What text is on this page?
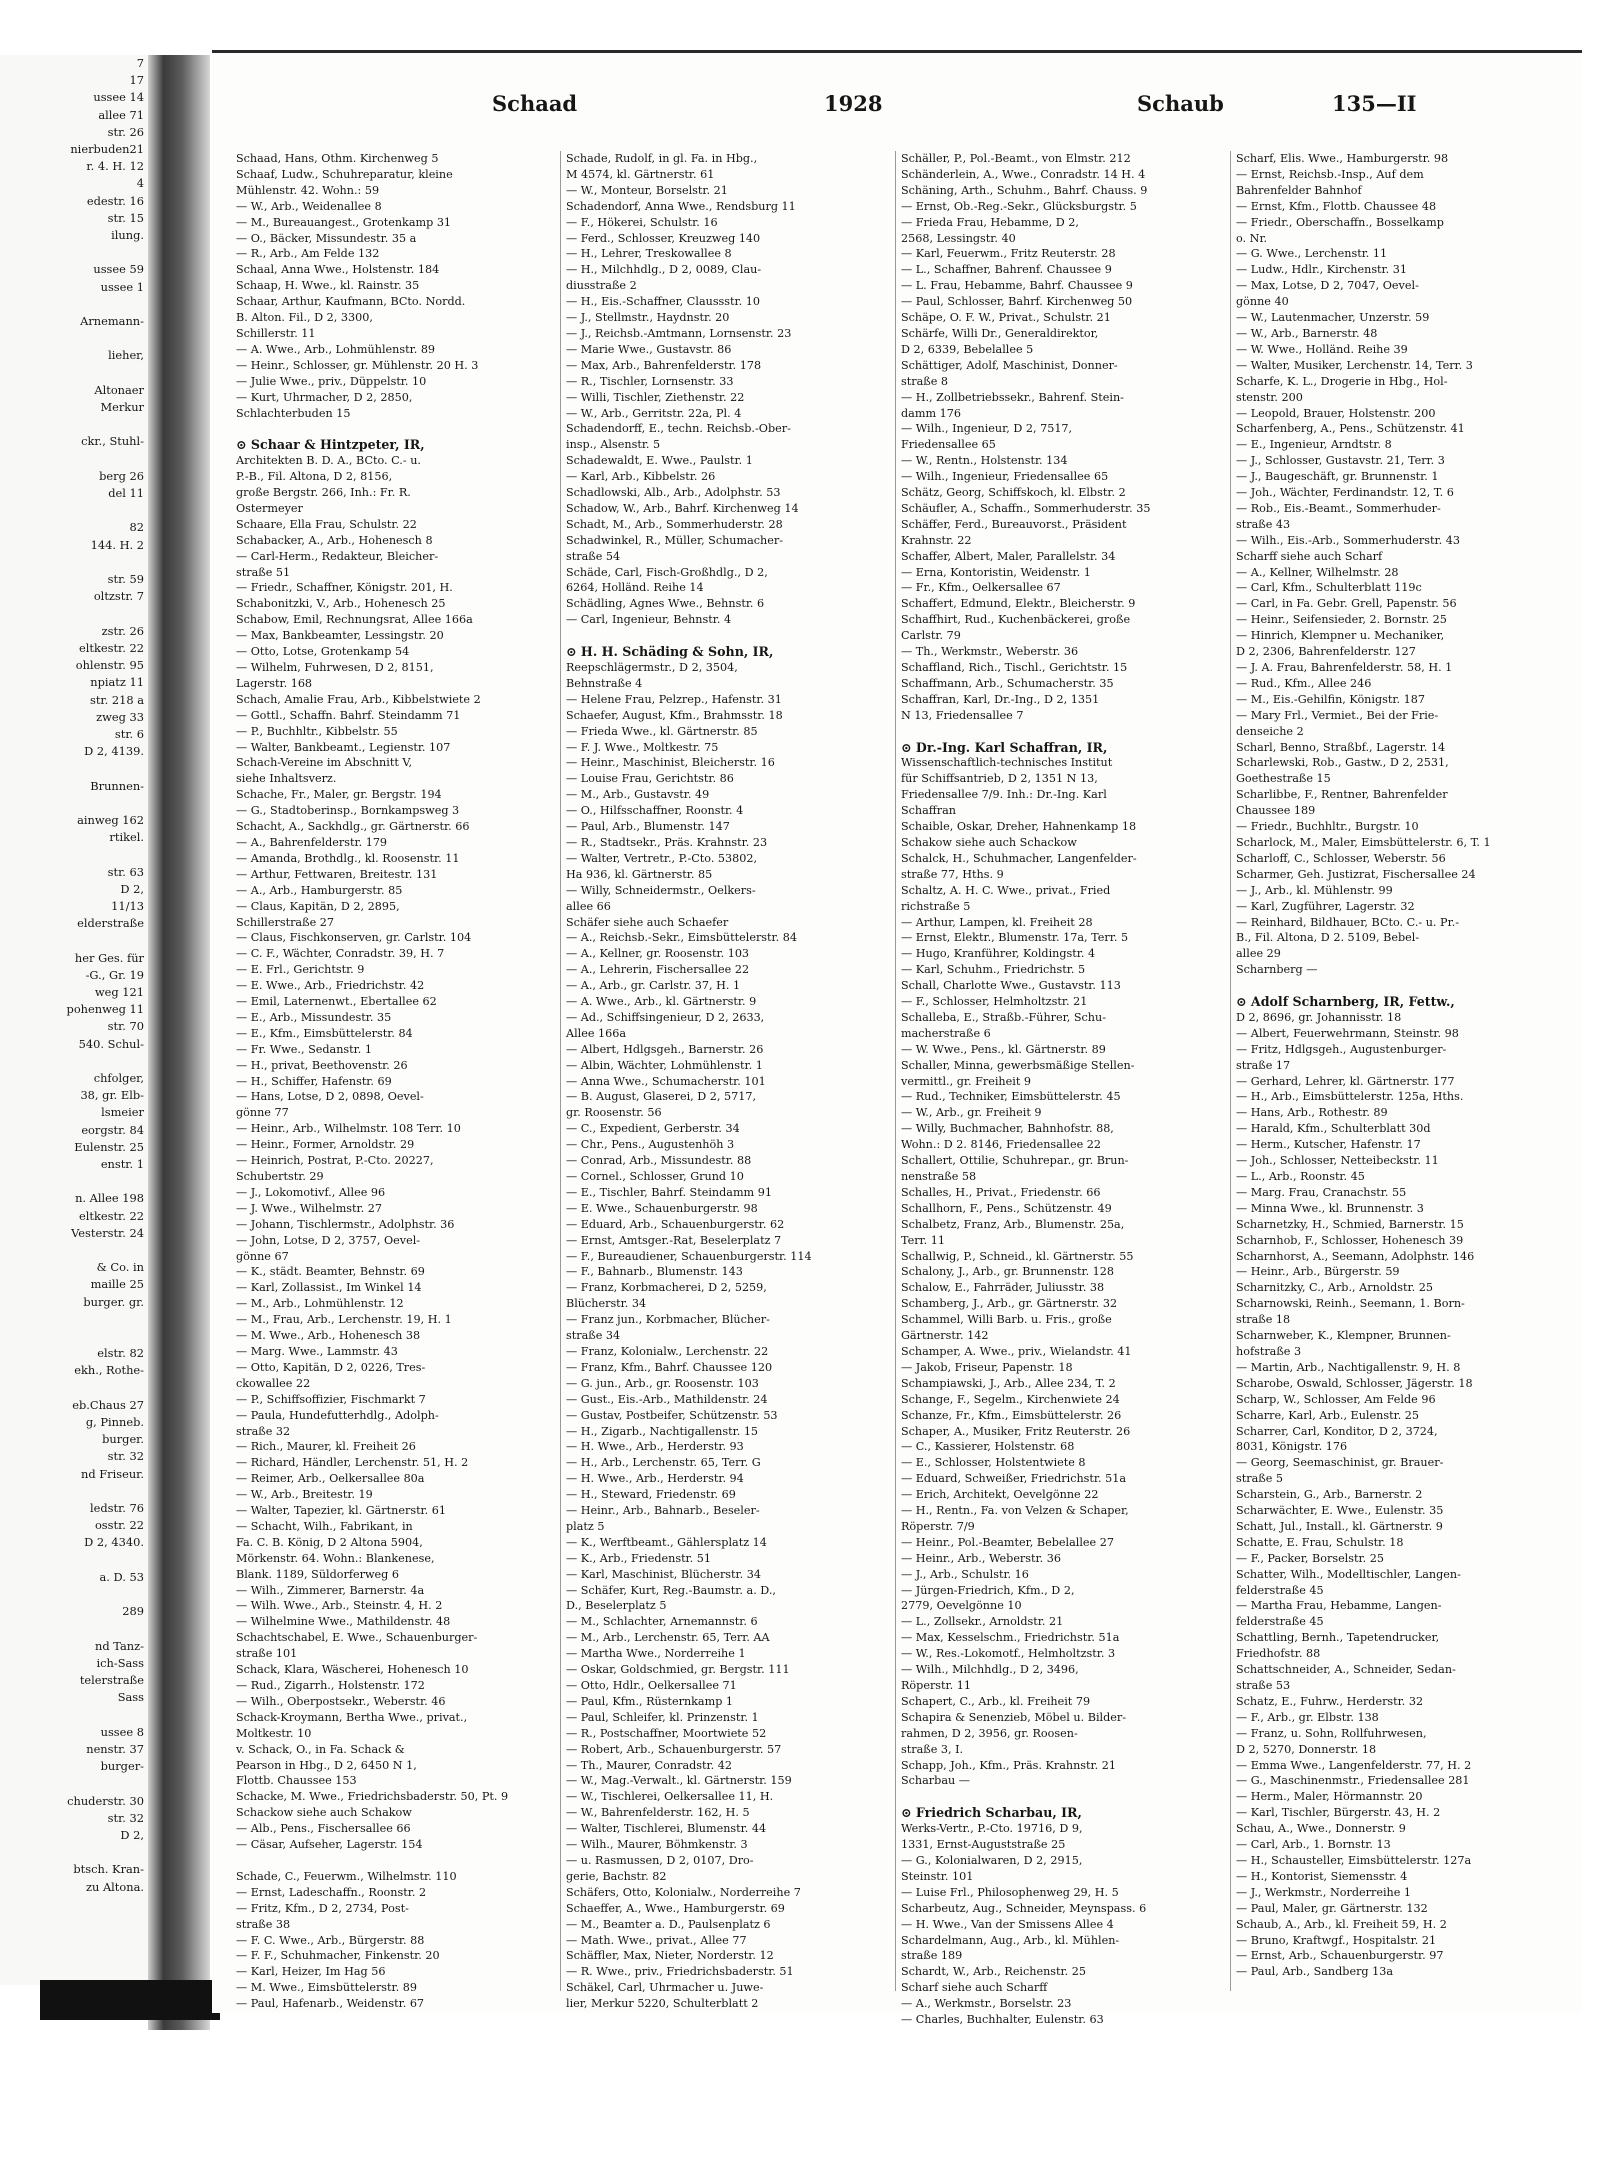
7
17
ussee 14
allee 71
str. 26
nierbuden21
r. 4. H. 12
4
edestr. 16
str. 15
ilung.

ussee 59
ussee 1

Arnemann-

lieher,

Altonaer
Merkur

ckr., Stuhl-

berg 26
del 11

82
144. H. 2

str. 59
oltzstr. 7

zstr. 26
eltkestr. 22
ohlenstr. 95
npiatz 11
str. 218 a
zweg 33
str. 6
D 2, 4139.

Brunnen-

ainweg 162
rtikel.

str. 63
D 2,
11/13
elderstraße

her Ges. für
-G., Gr. 19
weg 121
pohenweg 11
str. 70
540. Schul-

chfolger,
38, gr. Elb-
lsmeier
eorgstr. 84
Eulenstr. 25
enstr. 1

n. Allee 198
eltkestr. 22
Vesterstr. 24

& Co. in
maille 25
burger. gr.

elstr. 82
ekh., Rothe-

eb.Chaus 27
g, Pinneb.
burger.
str. 32
nd Friseur.

ledstr. 76
osstr. 22
D 2, 4340.

a. D. 53

289

nd Tanz-
ich-Sass
telerstraße
Sass

ussee 8
nenstr. 37
burger-

chuderstr. 30
str. 32
D 2,

btsch. Kran-
zu Altona.
Schaad	1928	Schaub	135—II
Schaad, Hans, Othm. Kirchenweg 5
Schaaf, Ludw., Schuhreparatur, kleine
Mühlenstr. 42. Wohn.: 59
— W., Arb., Weidenallee 8
— M., Bureauangest., Grotenkamp 31
— O., Bäcker, Missundestr. 35 a
— R., Arb., Am Felde 132
Schaal, Anna Wwe., Holstenstr. 184
Schaap, H. Wwe., kl. Rainstr. 35
Schaar, Arthur, Kaufmann, BCto. Nordd.
B. Alton. Fil., D 2, 3300,
Schillerstr. 11
— A. Wwe., Arb., Lohmühlenstr. 89
— Heinr., Schlosser, gr. Mühlenstr. 20 H. 3
— Julie Wwe., priv., Düppelstr. 10
— Kurt, Uhrmacher, D 2, 2850,
Schlachterbuden 15

⊙ Schaar & Hintzpeter, IR,
Architekten B. D. A., BCto. C.- u.
P.-B., Fil. Altona, D 2, 8156,
große Bergstr. 266, Inh.: Fr. R.
Ostermeyer
Schaare, Ella Frau, Schulstr. 22
Schabacker, A., Arb., Hohenesch 8
— Carl-Herm., Redakteur, Bleicher-
straße 51
— Friedr., Schaffner, Königstr. 201, H.
Schabonitzki, V., Arb., Hohenesch 25
Schabow, Emil, Rechnungsrat, Allee 166a
— Max, Bankbeamter, Lessingstr. 20
— Otto, Lotse, Grotenkamp 54
— Wilhelm, Fuhrwesen, D 2, 8151,
Lagerstr. 168
Schach, Amalie Frau, Arb., Kibbelstwiete 2
— Gottl., Schaffn. Bahrf. Steindamm 71
— P., Buchhltr., Kibbelstr. 55
— Walter, Bankbeamt., Legienstr. 107
Schach-Vereine im Abschnitt V,
siehe Inhaltsverz.
Schache, Fr., Maler, gr. Bergstr. 194
— G., Stadtoberinsp., Bornkampsweg 3
Schacht, A., Sackhdlg., gr. Gärtnerstr. 66
— A., Bahrenfelderstr. 179
— Amanda, Brothdlg., kl. Roosenstr. 11
— Arthur, Fettwaren, Breitestr. 131
— A., Arb., Hamburgerstr. 85
— Claus, Kapitän, D 2, 2895,
Schillerstraße 27
— Claus, Fischkonserven, gr. Carlstr. 104
— C. F., Wächter, Conradstr. 39, H. 7
— E. Frl., Gerichtstr. 9
— E. Wwe., Arb., Friedrichstr. 42
— Emil, Laternenwt., Ebertallee 62
— E., Arb., Missundestr. 35
— E., Kfm., Eimsbüttelerstr. 84
— Fr. Wwe., Sedanstr. 1
— H., privat, Beethovenstr. 26
— H., Schiffer, Hafenstr. 69
— Hans, Lotse, D 2, 0898, Oevel-
gönne 77
— Heinr., Arb., Wilhelmstr. 108 Terr. 10
— Heinr., Former, Arnoldstr. 29
— Heinrich, Postrat, P.-Cto. 20227,
Schubertstr. 29
— J., Lokomotivf., Allee 96
— J. Wwe., Wilhelmstr. 27
— Johann, Tischlermstr., Adolphstr. 36
— John, Lotse, D 2, 3757, Oevel-
gönne 67
— K., städt. Beamter, Behnstr. 69
— Karl, Zollassist., Im Winkel 14
— M., Arb., Lohmühlenstr. 12
— M., Frau, Arb., Lerchenstr. 19, H. 1
— M. Wwe., Arb., Hohenesch 38
— Marg. Wwe., Lammstr. 43
— Otto, Kapitän, D 2, 0226, Tres-
ckowallee 22
— P., Schiffsoffizier, Fischmarkt 7
— Paula, Hundefutterhdlg., Adolph-
straße 32
— Rich., Maurer, kl. Freiheit 26
— Richard, Händler, Lerchenstr. 51, H. 2
— Reimer, Arb., Oelkersallee 80a
— W., Arb., Breitestr. 19
— Walter, Tapezier, kl. Gärtnerstr. 61
— Schacht, Wilh., Fabrikant, in
Fa. C. B. König, D 2 Altona 5904,
Mörkenstr. 64. Wohn.: Blankenese,
Blank. 1189, Süldorferweg 6
— Wilh., Zimmerer, Barnerstr. 4a
— Wilh. Wwe., Arb., Steinstr. 4, H. 2
— Wilhelmine Wwe., Mathildenstr. 48
Schachtschabel, E. Wwe., Schauenburger-
straße 101
Schack, Klara, Wäscherei, Hohenesch 10
— Rud., Zigarrh., Holstenstr. 172
— Wilh., Oberpostsekr., Weberstr. 46
Schack-Kroymann, Bertha Wwe., privat.,
Moltkestr. 10
v. Schack, O., in Fa. Schack &
Pearson in Hbg., D 2, 6450 N 1,
Flottb. Chaussee 153
Schacke, M. Wwe., Friedrichsbaderstr. 50, Pt. 9
Schackow siehe auch Schakow
— Alb., Pens., Fischersallee 66
— Cäsar, Aufseher, Lagerstr. 154

Schade, C., Feuerwm., Wilhelmstr. 110
— Ernst, Ladeschaffn., Roonstr. 2
— Fritz, Kfm., D 2, 2734, Post-
straße 38
— F. C. Wwe., Arb., Bürgerstr. 88
— F. F., Schuhmacher, Finkenstr. 20
— Karl, Heizer, Im Hag 56
— M. Wwe., Eimsbüttelerstr. 89
— Paul, Hafenarb., Weidenstr. 67
Schade, Rudolf, in gl. Fa. in Hbg.,
M 4574, kl. Gärtnerstr. 61
— W., Monteur, Borselstr. 21
Schadendorf, Anna Wwe., Rendsburg 11
— F., Hökerei, Schulstr. 16
— Ferd., Schlosser, Kreuzweg 140
— H., Lehrer, Treskowallee 8
— H., Milchhdlg., D 2, 0089, Clau-
diusstraße 2
— H., Eis.-Schaffner, Claussstr. 10
— J., Stellmstr., Haydnstr. 20
— J., Reichsb.-Amtmann, Lornsenstr. 23
— Marie Wwe., Gustavstr. 86
— Max, Arb., Bahrenfelderstr. 178
— R., Tischler, Lornsenstr. 33
— Willi, Tischler, Ziethenstr. 22
— W., Arb., Gerritstr. 22a, Pl. 4
Schadendorff, E., techn. Reichsb.-Ober-
insp., Alsenstr. 5
Schadewaldt, E. Wwe., Paulstr. 1
— Karl, Arb., Kibbelstr. 26
Schadlowski, Alb., Arb., Adolphstr. 53
Schadow, W., Arb., Bahrf. Kirchenweg 14
Schadt, M., Arb., Sommerhuderstr. 28
Schadwinkel, R., Müller, Schumacher-
straße 54
Schäde, Carl, Fisch-Großhdlg., D 2,
6264, Holländ. Reihe 14
Schädling, Agnes Wwe., Behnstr. 6
— Carl, Ingenieur, Behnstr. 4

⊙ H. H. Schäding & Sohn, IR,
Reepschlägermstr., D 2, 3504,
Behnstraße 4
— Helene Frau, Pelzrep., Hafenstr. 31
Schaefer, August, Kfm., Brahmsstr. 18
— Frieda Wwe., kl. Gärtnerstr. 85
— F. J. Wwe., Moltkestr. 75
— Heinr., Maschinist, Bleicherstr. 16
— Louise Frau, Gerichtstr. 86
— M., Arb., Gustavstr. 49
— O., Hilfsschaffner, Roonstr. 4
— Paul, Arb., Blumenstr. 147
— R., Stadtsekr., Präs. Krahnstr. 23
— Walter, Vertretr., P.-Cto. 53802,
Ha 936, kl. Gärtnerstr. 85
— Willy, Schneidermstr., Oelkers-
allee 66
Schäfer siehe auch Schaefer
— A., Reichsb.-Sekr., Eimsbüttelerstr. 84
— A., Kellner, gr. Roosenstr. 103
— A., Lehrerin, Fischersallee 22
— A., Arb., gr. Carlstr. 37, H. 1
— A. Wwe., Arb., kl. Gärtnerstr. 9
— Ad., Schiffsingenieur, D 2, 2633,
Allee 166a
— Albert, Hdlgsgeh., Barnerstr. 26
— Albin, Wächter, Lohmühlenstr. 1
— Anna Wwe., Schumacherstr. 101
— B. August, Glaserei, D 2, 5717,
gr. Roosenstr. 56
— C., Expedient, Gerberstr. 34
— Chr., Pens., Augustenhöh 3
— Conrad, Arb., Missundestr. 88
— Cornel., Schlosser, Grund 10
— E., Tischler, Bahrf. Steindamm 91
— E. Wwe., Schauenburgerstr. 98
— Eduard, Arb., Schauenburgerstr. 62
— Ernst, Amtsger.-Rat, Beselerplatz 7
— F., Bureaudiener, Schauenburgerstr. 114
— F., Bahnarb., Blumenstr. 143
— Franz, Korbmacherei, D 2, 5259,
Blücherstr. 34
— Franz jun., Korbmacher, Blücher-
straße 34
— Franz, Kolonialw., Lerchenstr. 22
— Franz, Kfm., Bahrf. Chaussee 120
— G. jun., Arb., gr. Roosenstr. 103
— Gust., Eis.-Arb., Mathildenstr. 24
— Gustav, Postbeifer, Schützenstr. 53
— H., Zigarb., Nachtigallenstr. 15
— H. Wwe., Arb., Herderstr. 93
— H., Arb., Lerchenstr. 65, Terr. G
— H. Wwe., Arb., Herderstr. 94
— H., Steward, Friedenstr. 69
— Heinr., Arb., Bahnarb., Beseler-
platz 5
— K., Werftbeamt., Gählersplatz 14
— K., Arb., Friedenstr. 51
— Karl, Maschinist, Blücherstr. 34
— Schäfer, Kurt, Reg.-Baumstr. a. D.,
D., Beselerplatz 5
— M., Schlachter, Arnemannstr. 6
— M., Arb., Lerchenstr. 65, Terr. AA
— Martha Wwe., Norderreihe 1
— Oskar, Goldschmied, gr. Bergstr. 111
— Otto, Hdlr., Oelkersallee 71
— Paul, Kfm., Rüsternkamp 1
— Paul, Schleifer, kl. Prinzenstr. 1
— R., Postschaffner, Moortwiete 52
— Robert, Arb., Schauenburgerstr. 57
— Th., Maurer, Conradstr. 42
— W., Mag.-Verwalt., kl. Gärtnerstr. 159
— W., Tischlerei, Oelkersallee 11, H.
— W., Bahrenfelderstr. 162, H. 5
— Walter, Tischlerei, Blumenstr. 44
— Wilh., Maurer, Böhmkenstr. 3
— u. Rasmussen, D 2, 0107, Dro-
gerie, Bachstr. 82
Schäfers, Otto, Kolonialw., Norderreihe 7
Schaeffer, A., Wwe., Hamburgerstr. 69
— M., Beamter a. D., Paulsenplatz 6
— Math. Wwe., privat., Allee 77
Schäffler, Max, Nieter, Norderstr. 12
— R. Wwe., priv., Friedrichsbaderstr. 51
Schäkel, Carl, Uhrmacher u. Juwe-
lier, Merkur 5220, Schulterblatt 2
Schäller, P., Pol.-Beamt., von Elmstr. 212
Schänderlein, A., Wwe., Conradstr. 14 H. 4
Schäning, Arth., Schuhm., Bahrf. Chauss. 9
— Ernst, Ob.-Reg.-Sekr., Glücksburgstr. 5
— Frieda Frau, Hebamme, D 2,
2568, Lessingstr. 40
— Karl, Feuerwm., Fritz Reuterstr. 28
— L., Schaffner, Bahrenf. Chaussee 9
— L. Frau, Hebamme, Bahrf. Chaussee 9
— Paul, Schlosser, Bahrf. Kirchenweg 50
Schäpe, O. F. W., Privat., Schulstr. 21
Schärfe, Willi Dr., Generaldirektor,
D 2, 6339, Bebelallee 5
Schättiger, Adolf, Maschinist, Donner-
straße 8
— H., Zollbetriebssekr., Bahrenf. Stein-
damm 176
— Wilh., Ingenieur, D 2, 7517,
Friedensallee 65
— W., Rentn., Holstenstr. 134
— Wilh., Ingenieur, Friedensallee 65
Schätz, Georg, Schiffskoch, kl. Elbstr. 2
Schäufler, A., Schaffn., Sommerhuderstr. 35
Schäffer, Ferd., Bureauvorst., Präsident
Krahnstr. 22
Schaffer, Albert, Maler, Parallelstr. 34
— Erna, Kontoristin, Weidenstr. 1
— Fr., Kfm., Oelkersallee 67
Schaffert, Edmund, Elektr., Bleicherstr. 9
Schaffhirt, Rud., Kuchenbäckerei, große
Carlstr. 79
— Th., Werkmstr., Weberstr. 36
Schaffland, Rich., Tischl., Gerichtstr. 15
Schaffmann, Arb., Schumacherstr. 35
Schaffran, Karl, Dr.-Ing., D 2, 1351
N 13, Friedensallee 7

⊙ Dr.-Ing. Karl Schaffran, IR,
Wissenschaftlich-technisches Institut
für Schiffsantrieb, D 2, 1351 N 13,
Friedensallee 7/9. Inh.: Dr.-Ing. Karl
Schaffran
Schaible, Oskar, Dreher, Hahnenkamp 18
Schakow siehe auch Schackow
Schalck, H., Schuhmacher, Langenfelder-
straße 77, Hths. 9
Schaltz, A. H. C. Wwe., privat., Fried
richstraße 5
— Arthur, Lampen, kl. Freiheit 28
— Ernst, Elektr., Blumenstr. 17a, Terr. 5
— Hugo, Kranführer, Koldingstr. 4
— Karl, Schuhm., Friedrichstr. 5
Schall, Charlotte Wwe., Gustavstr. 113
— F., Schlosser, Helmholtzstr. 21
Schalleba, E., Straßb.-Führer, Schu-
macherstraße 6
— W. Wwe., Pens., kl. Gärtnerstr. 89
Schaller, Minna, gewerbsmäßige Stellen-
vermittl., gr. Freiheit 9
— Rud., Techniker, Eimsbüttelerstr. 45
— W., Arb., gr. Freiheit 9
— Willy, Buchmacher, Bahnhofstr. 88,
Wohn.: D 2. 8146, Friedensallee 22
Schallert, Ottilie, Schuhrepar., gr. Brun-
nenstraße 58
Schalles, H., Privat., Friedenstr. 66
Schallhorn, F., Pens., Schützenstr. 49
Schalbetz, Franz, Arb., Blumenstr. 25a,
Terr. 11
Schallwig, P., Schneid., kl. Gärtnerstr. 55
Schalony, J., Arb., gr. Brunnenstr. 128
Schalow, E., Fahrräder, Juliusstr. 38
Schamberg, J., Arb., gr. Gärtnerstr. 32
Schammel, Willi Barb. u. Fris., große
Gärtnerstr. 142
Schamper, A. Wwe., priv., Wielandstr. 41
— Jakob, Friseur, Papenstr. 18
Schampiawski, J., Arb., Allee 234, T. 2
Schange, F., Segelm., Kirchenwiete 24
Schanze, Fr., Kfm., Eimsbüttelerstr. 26
Schaper, A., Musiker, Fritz Reuterstr. 26
— C., Kassierer, Holstenstr. 68
— E., Schlosser, Holstentwiete 8
— Eduard, Schweißer, Friedrichstr. 51a
— Erich, Architekt, Oevelgönne 22
— H., Rentn., Fa. von Velzen & Schaper,
Röperstr. 7/9
— Heinr., Pol.-Beamter, Bebelallee 27
— Heinr., Arb., Weberstr. 36
— J., Arb., Schulstr. 16
— Jürgen-Friedrich, Kfm., D 2,
2779, Oevelgönne 10
— L., Zollsekr., Arnoldstr. 21
— Max, Kesselschm., Friedrichstr. 51a
— W., Res.-Lokomotf., Helmholtzstr. 3
— Wilh., Milchhdlg., D 2, 3496,
Röperstr. 11
Schapert, C., Arb., kl. Freiheit 79
Schapira & Senenzieb, Möbel u. Bilder-
rahmen, D 2, 3956, gr. Roosen-
straße 3, I.
Schapp, Joh., Kfm., Präs. Krahnstr. 21
Scharbau —

⊙ Friedrich Scharbau, IR,
Werks-Vertr., P.-Cto. 19716, D 9,
1331, Ernst-Auguststraße 25
— G., Kolonialwaren, D 2, 2915,
Steinstr. 101
— Luise Frl., Philosophenweg 29, H. 5
Scharbeutz, Aug., Schneider, Meynspass. 6
— H. Wwe., Van der Smissens Allee 4
Schardelmann, Aug., Arb., kl. Mühlen-
straße 189
Schardt, W., Arb., Reichenstr. 25
Scharf siehe auch Scharff
— A., Werkmstr., Borselstr. 23
— Charles, Buchhalter, Eulenstr. 63
Scharf, Elis. Wwe., Hamburgerstr. 98
— Ernst, Reichsb.-Insp., Auf dem
Bahrenfelder Bahnhof
— Ernst, Kfm., Flottb. Chaussee 48
— Friedr., Oberschaffn., Bosselkamp
o. Nr.
— G. Wwe., Lerchenstr. 11
— Ludw., Hdlr., Kirchenstr. 31
— Max, Lotse, D 2, 7047, Oevel-
gönne 40
— W., Lautenmacher, Unzerstr. 59
— W., Arb., Barnerstr. 48
— W. Wwe., Holländ. Reihe 39
— Walter, Musiker, Lerchenstr. 14, Terr. 3
Scharfe, K. L., Drogerie in Hbg., Hol-
stenstr. 200
— Leopold, Brauer, Holstenstr. 200
Scharfenberg, A., Pens., Schützenstr. 41
— E., Ingenieur, Arndtstr. 8
— J., Schlosser, Gustavstr. 21, Terr. 3
— J., Baugeschäft, gr. Brunnenstr. 1
— Joh., Wächter, Ferdinandstr. 12, T. 6
— Rob., Eis.-Beamt., Sommerhuder-
straße 43
— Wilh., Eis.-Arb., Sommerhuderstr. 43
Scharff siehe auch Scharf
— A., Kellner, Wilhelmstr. 28
— Carl, Kfm., Schulterblatt 119c
— Carl, in Fa. Gebr. Grell, Papenstr. 56
— Heinr., Seifensieder, 2. Bornstr. 25
— Hinrich, Klempner u. Mechaniker,
D 2, 2306, Bahrenfelderstr. 127
— J. A. Frau, Bahrenfelderstr. 58, H. 1
— Rud., Kfm., Allee 246
— M., Eis.-Gehilfin, Königstr. 187
— Mary Frl., Vermiet., Bei der Frie-
denseiche 2
Scharl, Benno, Straßbf., Lagerstr. 14
Scharlewski, Rob., Gastw., D 2, 2531,
Goethestraße 15
Scharlibbe, F., Rentner, Bahrenfelder
Chaussee 189
— Friedr., Buchhltr., Burgstr. 10
Scharlock, M., Maler, Eimsbüttelerstr. 6, T. 1
Scharloff, C., Schlosser, Weberstr. 56
Scharmer, Geh. Justizrat, Fischersallee 24
— J., Arb., kl. Mühlenstr. 99
— Karl, Zugführer, Lagerstr. 32
— Reinhard, Bildhauer, BCto. C.- u. Pr.-
B., Fil. Altona, D 2. 5109, Bebel-
allee 29
Scharnberg —

⊙ Adolf Scharnberg, IR, Fettw.,
D 2, 8696, gr. Johannisstr. 18
— Albert, Feuerwehrmann, Steinstr. 98
— Fritz, Hdlgsgeh., Augustenburger-
straße 17
— Gerhard, Lehrer, kl. Gärtnerstr. 177
— H., Arb., Eimsbüttelerstr. 125a, Hths.
— Hans, Arb., Rothestr. 89
— Harald, Kfm., Schulterblatt 30d
— Herm., Kutscher, Hafenstr. 17
— Joh., Schlosser, Netteibeckstr. 11
— L., Arb., Roonstr. 45
— Marg. Frau, Cranachstr. 55
— Minna Wwe., kl. Brunnenstr. 3
Scharnetzky, H., Schmied, Barnerstr. 15
Scharnhob, F., Schlosser, Hohenesch 39
Scharnhorst, A., Seemann, Adolphstr. 146
— Heinr., Arb., Bürgerstr. 59
Scharnitzky, C., Arb., Arnoldstr. 25
Scharnowski, Reinh., Seemann, 1. Born-
straße 18
Scharnweber, K., Klempner, Brunnen-
hofstraße 3
— Martin, Arb., Nachtigallenstr. 9, H. 8
Scharobe, Oswald, Schlosser, Jägerstr. 18
Scharp, W., Schlosser, Am Felde 96
Scharre, Karl, Arb., Eulenstr. 25
Scharrer, Carl, Konditor, D 2, 3724,
8031, Königstr. 176
— Georg, Seemaschinist, gr. Brauer-
straße 5
Scharstein, G., Arb., Barnerstr. 2
Scharwächter, E. Wwe., Eulenstr. 35
Schatt, Jul., Install., kl. Gärtnerstr. 9
Schatte, E. Frau, Schulstr. 18
— F., Packer, Borselstr. 25
Schatter, Wilh., Modelltischler, Langen-
felderstraße 45
— Martha Frau, Hebamme, Langen-
felderstraße 45
Schattling, Bernh., Tapetendrucker,
Friedhofstr. 88
Schattschneider, A., Schneider, Sedan-
straße 53
Schatz, E., Fuhrw., Herderstr. 32
— F., Arb., gr. Elbstr. 138
— Franz, u. Sohn, Rollfuhrwesen,
D 2, 5270, Donnerstr. 18
— Emma Wwe., Langenfelderstr. 77, H. 2
— G., Maschinenmstr., Friedensallee 281
— Herm., Maler, Hörmannstr. 20
— Karl, Tischler, Bürgerstr. 43, H. 2
Schau, A., Wwe., Donnerstr. 9
— Carl, Arb., 1. Bornstr. 13
— H., Schausteller, Eimsbüttelerstr. 127a
— H., Kontorist, Siemensstr. 4
— J., Werkmstr., Norderreihe 1
— Paul, Maler, gr. Gärtnerstr. 132
Schaub, A., Arb., kl. Freiheit 59, H. 2
— Bruno, Kraftwgf., Hospitalstr. 21
— Ernst, Arb., Schauenburgerstr. 97
— Paul, Arb., Sandberg 13a
